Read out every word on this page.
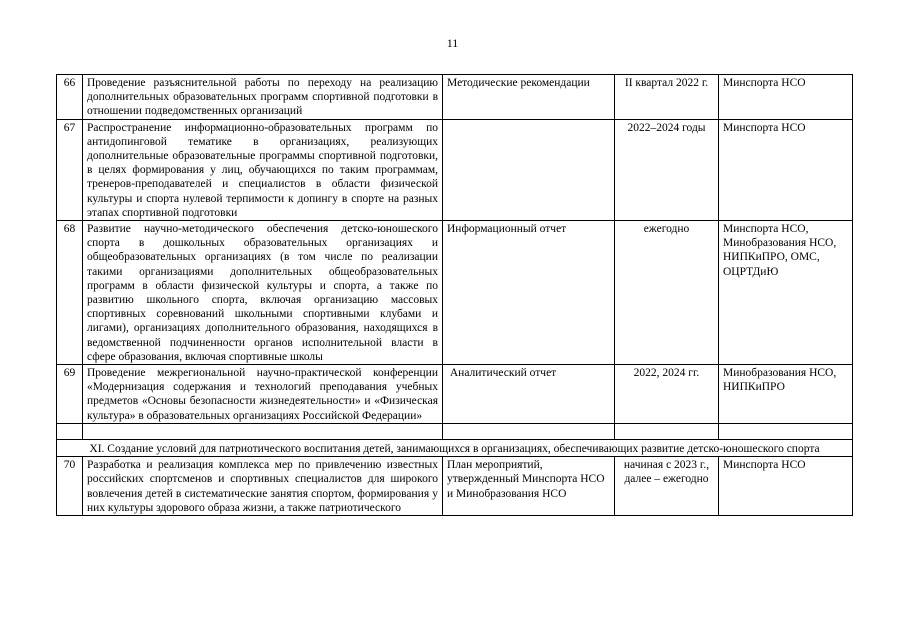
11
66	Проведение разъяснительной работы по переходу на реализацию дополнительных образовательных программ спортивной подготовки в отношении подведомственных организаций	Методические рекомендации	II квартал 2022 г.	Минспорта НСО
67	Распространение информационно-образовательных программ по антидопинговой тематике в организациях, реализующих дополнительные образовательные программы спортивной подготовки, в целях формирования у лиц, обучающихся по таким программам, тренеров-преподавателей и специалистов в области физической культуры и спорта нулевой терпимости к допингу в спорте на разных этапах спортивной подготовки		2022–2024 годы	Минспорта НСО
68	Развитие научно-методического обеспечения детско-юношеского спорта в дошкольных образовательных организациях и общеобразовательных организациях (в том числе по реализации такими организациями дополнительных общеобразовательных программ в области физической культуры и спорта, а также по развитию школьного спорта, включая организацию массовых спортивных соревнований школьными спортивными клубами и лигами), организациях дополнительного образования, находящихся в ведомственной подчиненности органов исполнительной власти в сфере образования, включая спортивные школы	Информационный отчет	ежегодно	Минспорта НСО, Минобразования НСО, НИПКиПРО, ОМС, ОЦРТДиЮ
69	Проведение межрегиональной научно-практической конференции «Модернизация содержания и технологий преподавания учебных предметов «Основы безопасности жизнедеятельности» и «Физическая культура» в образовательных организациях Российской Федерации»	Аналитический отчет	2022, 2024 гг.	Минобразования НСО, НИПКиПРО

XI. Создание условий для патриотического воспитания детей, занимающихся в организациях, обеспечивающих развитие детско-юношеского спорта				
70	Разработка и реализация комплекса мер по привлечению известных российских спортсменов и спортивных специалистов для широкого вовлечения детей в систематические занятия спортом, формирования у них культуры здорового образа жизни, а также патриотического	План мероприятий, утвержденный Минспорта НСО и Минобразования НСО	начиная с 2023 г., далее – ежегодно	Минспорта НСО
